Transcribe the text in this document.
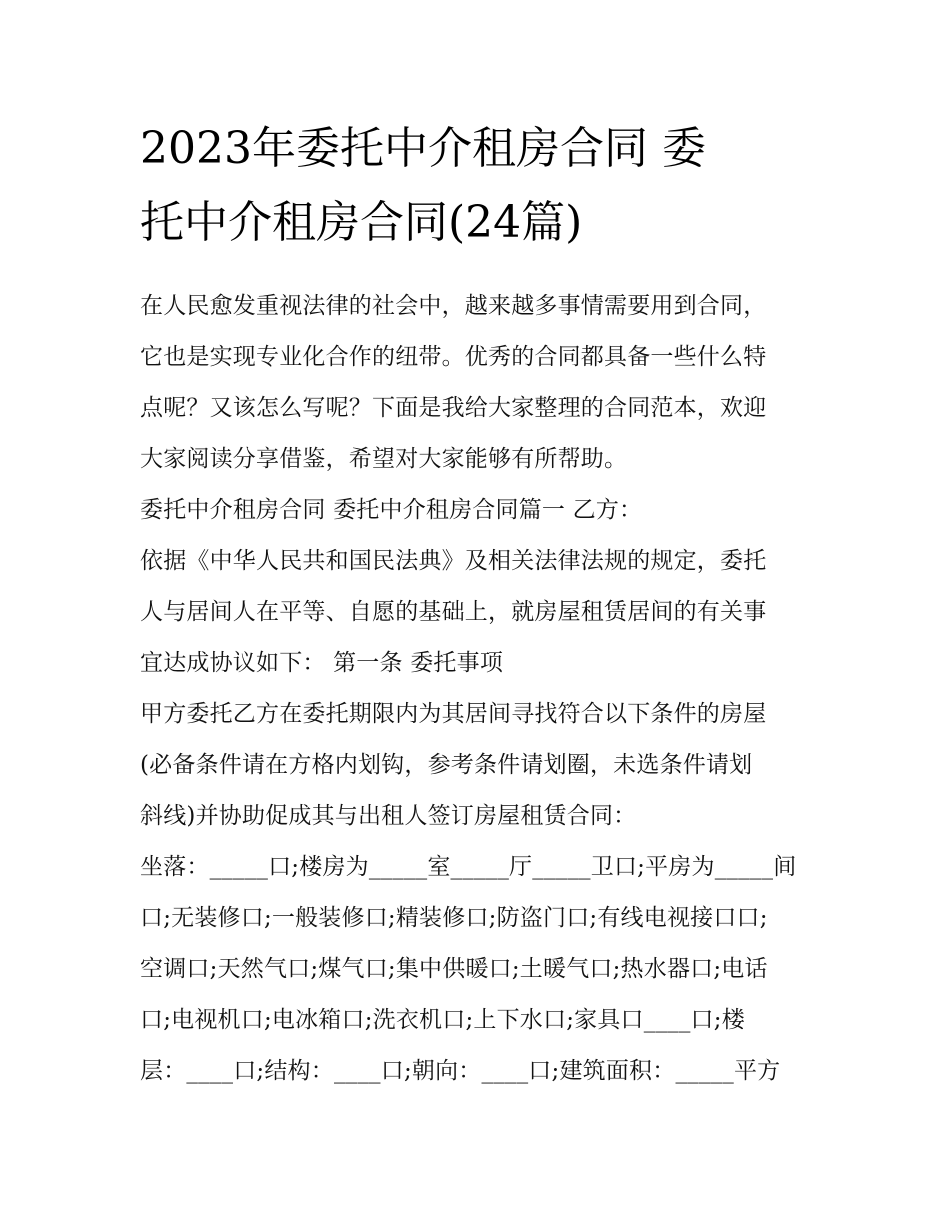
2023年委托中介租房合同 委
托中介租房合同(24篇)
在人民愈发重视法律的社会中，越来越多事情需要用到合同，
它也是实现专业化合作的纽带。优秀的合同都具备一些什么特
点呢？又该怎么写呢？下面是我给大家整理的合同范本，欢迎
大家阅读分享借鉴，希望对大家能够有所帮助。
委托中介租房合同 委托中介租房合同篇一 乙方：
依据《中华人民共和国民法典》及相关法律法规的规定，委托
人与居间人在平等、自愿的基础上，就房屋租赁居间的有关事
宜达成协议如下： 第一条 委托事项
甲方委托乙方在委托期限内为其居间寻找符合以下条件的房屋
(必备条件请在方格内划钩，参考条件请划圈，未选条件请划
斜线)并协助促成其与出租人签订房屋租赁合同：
坐落：_____口;楼房为_____室_____厅_____卫口;平房为_____间
口;无装修口;一般装修口;精装修口;防盗门口;有线电视接口口;
空调口;天然气口;煤气口;集中供暖口;土暖气口;热水器口;电话
口;电视机口;电冰箱口;洗衣机口;上下水口;家具口____口;楼
层：____口;结构：____口;朝向：____口;建筑面积：_____平方
